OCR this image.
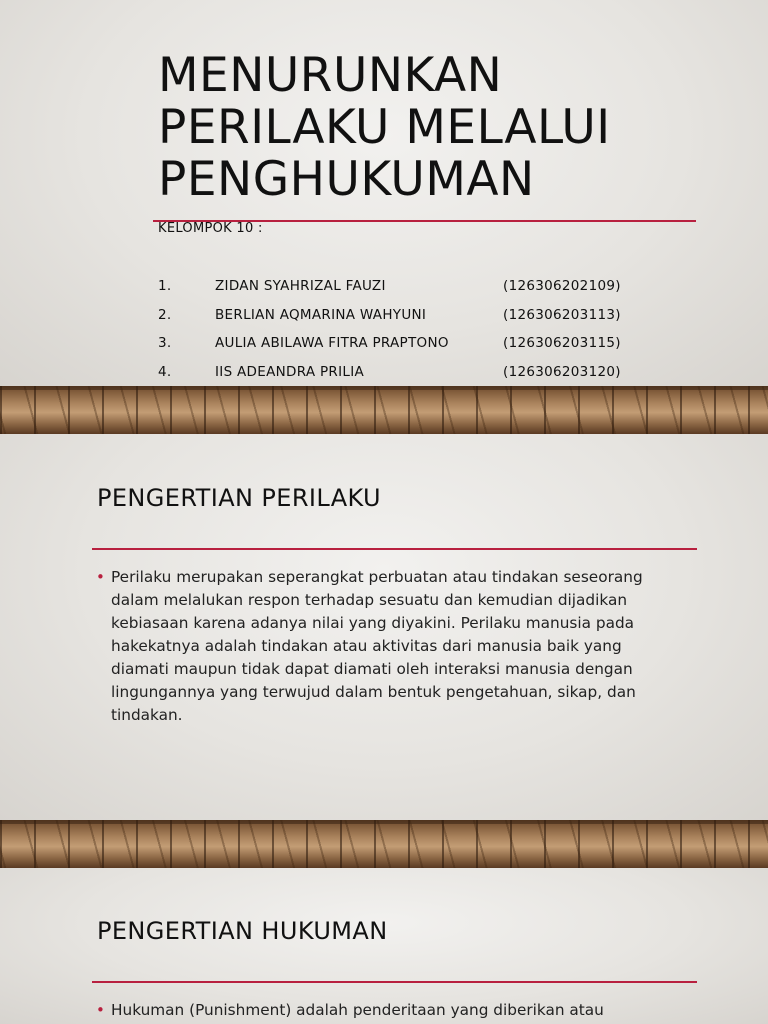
MENURUNKAN
PERILAKU MELALUI
PENGHUKUMAN
KELOMPOK 10 :
1.	ZIDAN SYAHRIZAL FAUZI	(126306202109)
2.	BERLIAN AQMARINA WAHYUNI	(126306203113)
3.	AULIA ABILAWA FITRA PRAPTONO	(126306203115)
4.	IIS ADEANDRA PRILIA	(126306203120)
PENGERTIAN PERILAKU
• Perilaku merupakan seperangkat perbuatan atau tindakan seseorang
dalam melalukan respon terhadap sesuatu dan kemudian dijadikan
kebiasaan karena adanya nilai yang diyakini. Perilaku manusia pada
hakekatnya adalah tindakan atau aktivitas dari manusia baik yang
diamati maupun tidak dapat diamati oleh interaksi manusia dengan
lingungannya yang terwujud dalam bentuk pengetahuan, sikap, dan
tindakan.
PENGERTIAN HUKUMAN
• Hukuman (Punishment) adalah penderitaan yang diberikan atau
